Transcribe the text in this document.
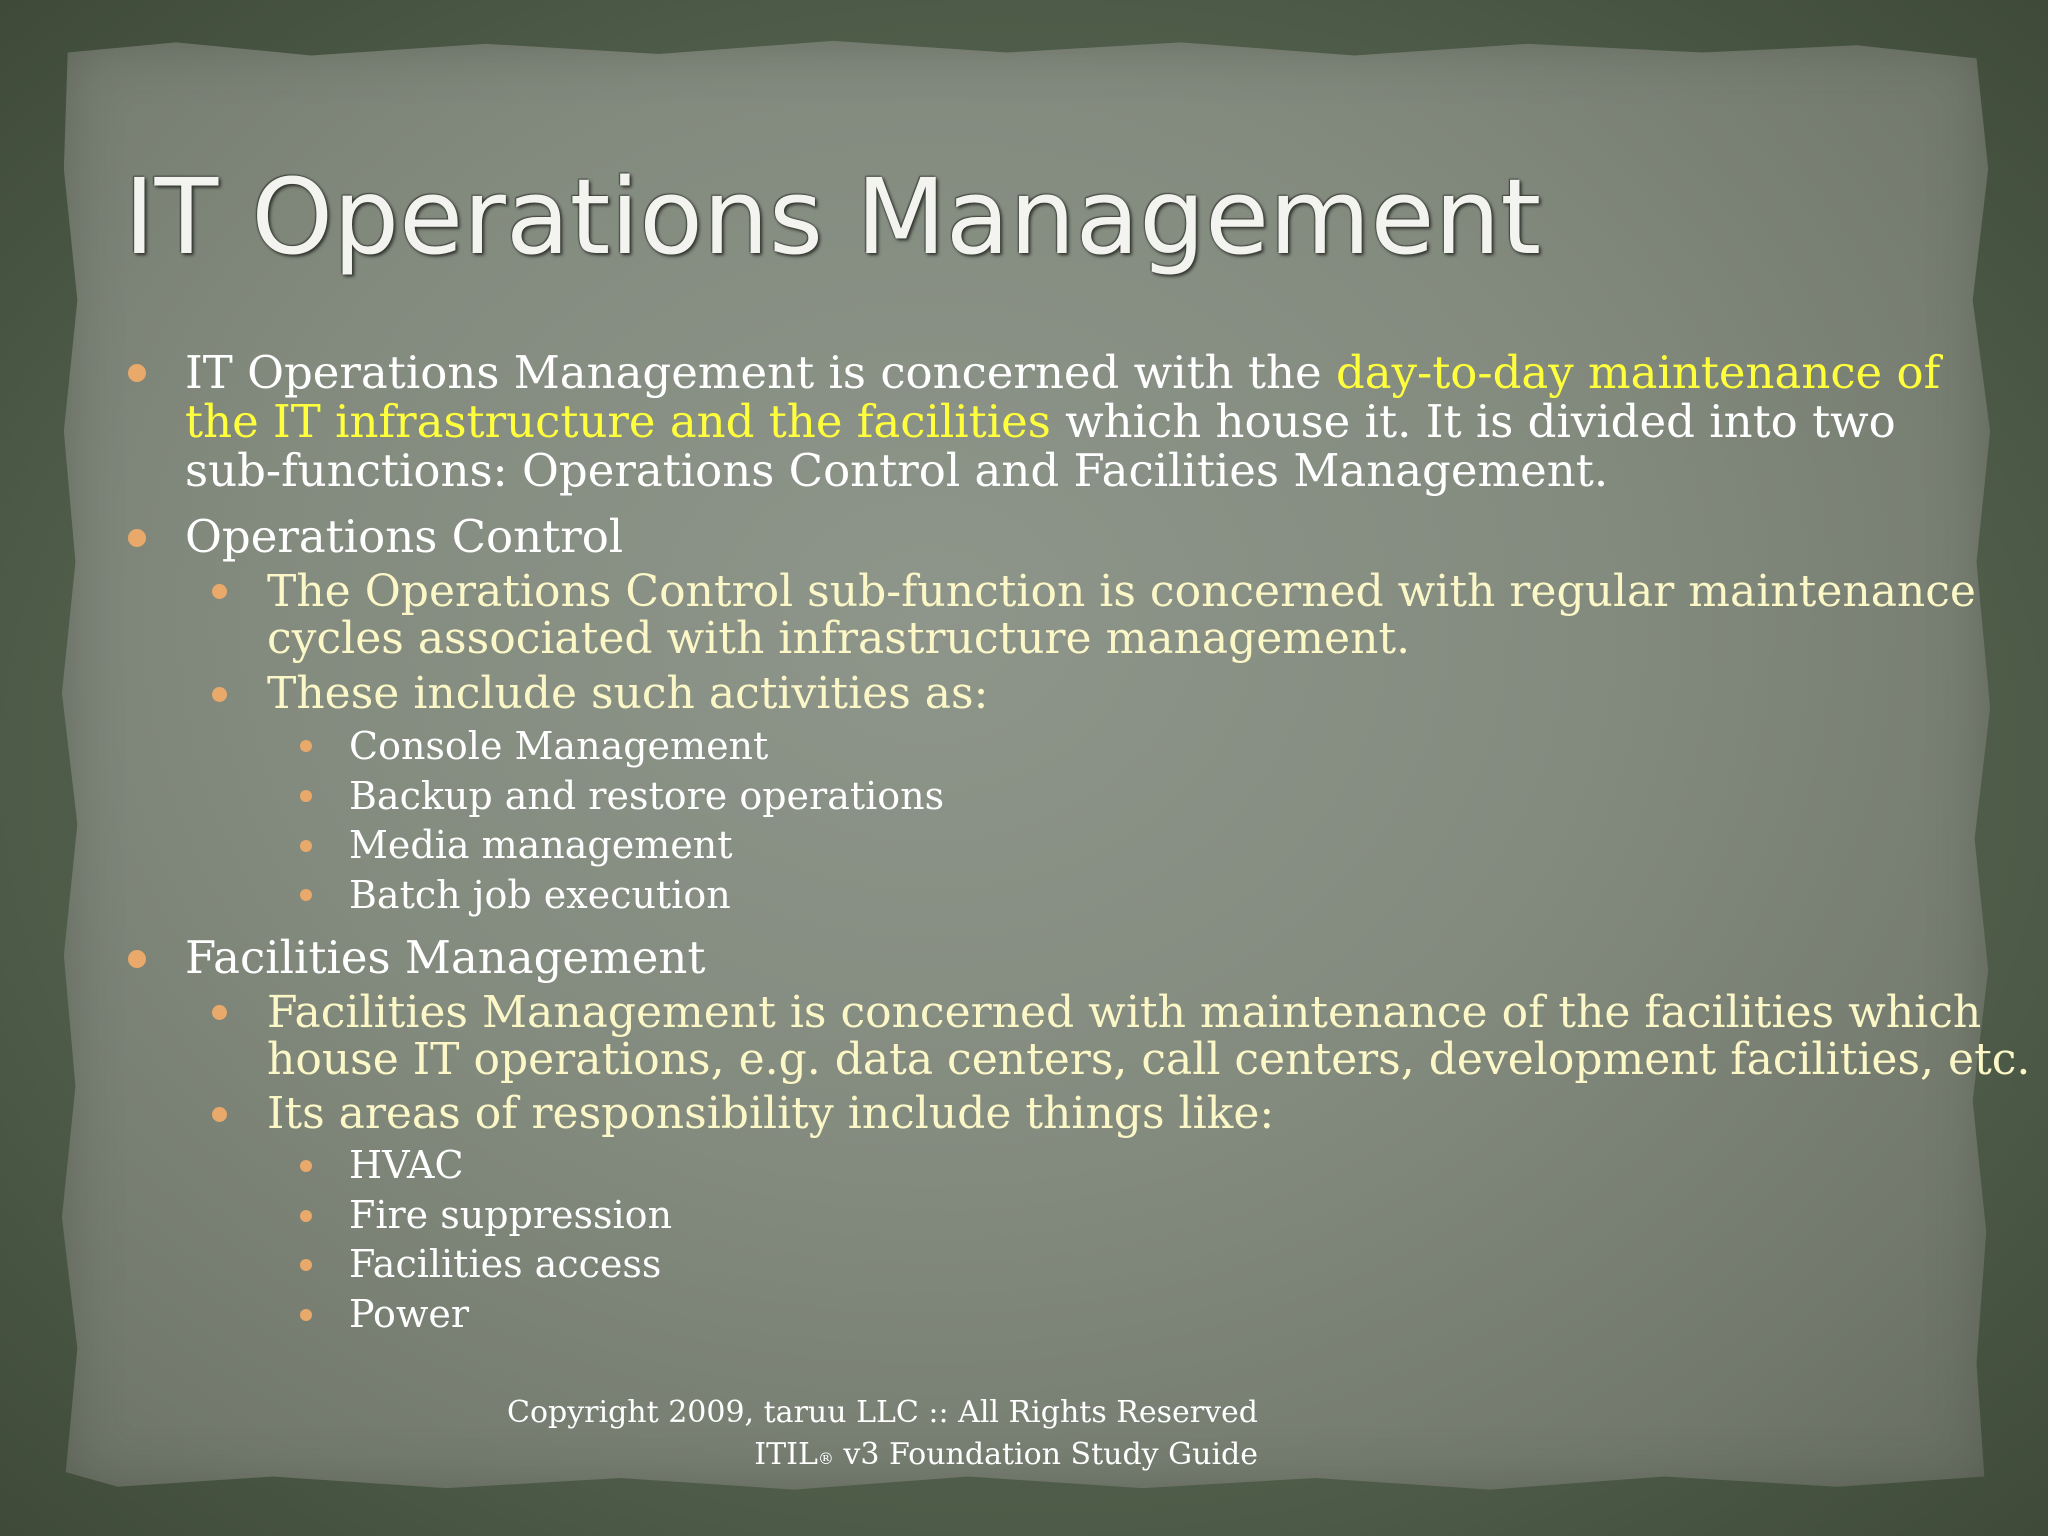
IT Operations Management
IT Operations Management is concerned with the day-to-day maintenance of
the IT infrastructure and the facilities which house it. It is divided into two
sub-functions: Operations Control and Facilities Management.
Operations Control
The Operations Control sub-function is concerned with regular maintenance
cycles associated with infrastructure management.
These include such activities as:
Console Management
Backup and restore operations
Media management
Batch job execution
Facilities Management
Facilities Management is concerned with maintenance of the facilities which
house IT operations, e.g. data centers, call centers, development facilities, etc.
Its areas of responsibility include things like:
HVAC
Fire suppression
Facilities access
Power
Copyright 2009, taruu LLC :: All Rights Reserved
ITIL® v3 Foundation Study Guide
